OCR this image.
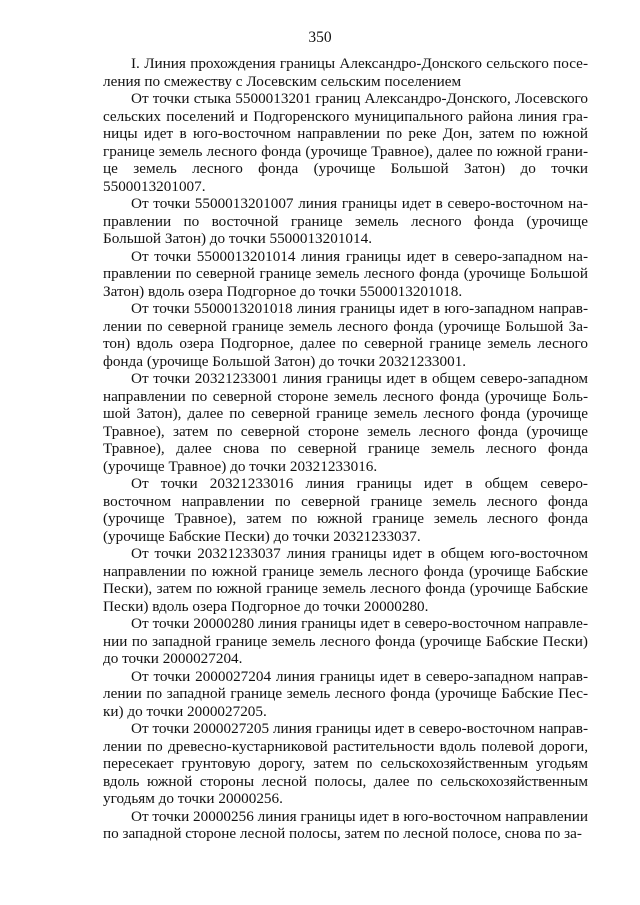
350

I. Линия прохождения границы Александро-Донского сельского поселения по смежеству с Лосевским сельским поселением

От точки стыка 5500013201 границ Александро-Донского, Лосевского сельских поселений и Подгоренского муниципального района линия границы идет в юго-восточном направлении по реке Дон, затем по южной границе земель лесного фонда (урочище Травное), далее по южной границе земель лесного фонда (урочище Большой Затон) до точки 5500013201007.

От точки 5500013201007 линия границы идет в северо-восточном направлении по восточной границе земель лесного фонда (урочище Большой Затон) до точки 5500013201014.

От точки 5500013201014 линия границы идет в северо-западном направлении по северной границе земель лесного фонда (урочище Большой Затон) вдоль озера Подгорное до точки 5500013201018.

От точки 5500013201018 линия границы идет в юго-западном направлении по северной границе земель лесного фонда (урочище Большой Затон) вдоль озера Подгорное, далее по северной границе земель лесного фонда (урочище Большой Затон) до точки 20321233001.

От точки 20321233001 линия границы идет в общем северо-западном направлении по северной стороне земель лесного фонда (урочище Большой Затон), далее по северной границе земель лесного фонда (урочище Травное), затем по северной стороне земель лесного фонда (урочище Травное), далее снова по северной границе земель лесного фонда (урочище Травное) до точки 20321233016.

От точки 20321233016 линия границы идет в общем северо-восточном направлении по северной границе земель лесного фонда (урочище Травное), затем по южной границе земель лесного фонда (урочище Бабские Пески) до точки 20321233037.

От точки 20321233037 линия границы идет в общем юго-восточном направлении по южной границе земель лесного фонда (урочище Бабские Пески), затем по южной границе земель лесного фонда (урочище Бабские Пески) вдоль озера Подгорное до точки 20000280.

От точки 20000280 линия границы идет в северо-восточном направлении по западной границе земель лесного фонда (урочище Бабские Пески) до точки 2000027204.

От точки 2000027204 линия границы идет в северо-западном направлении по западной границе земель лесного фонда (урочище Бабские Пески) до точки 2000027205.

От точки 2000027205 линия границы идет в северо-восточном направлении по древесно-кустарниковой растительности вдоль полевой дороги, пересекает грунтовую дорогу, затем по сельскохозяйственным угодьям вдоль южной стороны лесной полосы, далее по сельскохозяйственным угодьям до точки 20000256.

От точки 20000256 линия границы идет в юго-восточном направлении по западной стороне лесной полосы, затем по лесной полосе, снова по за-
